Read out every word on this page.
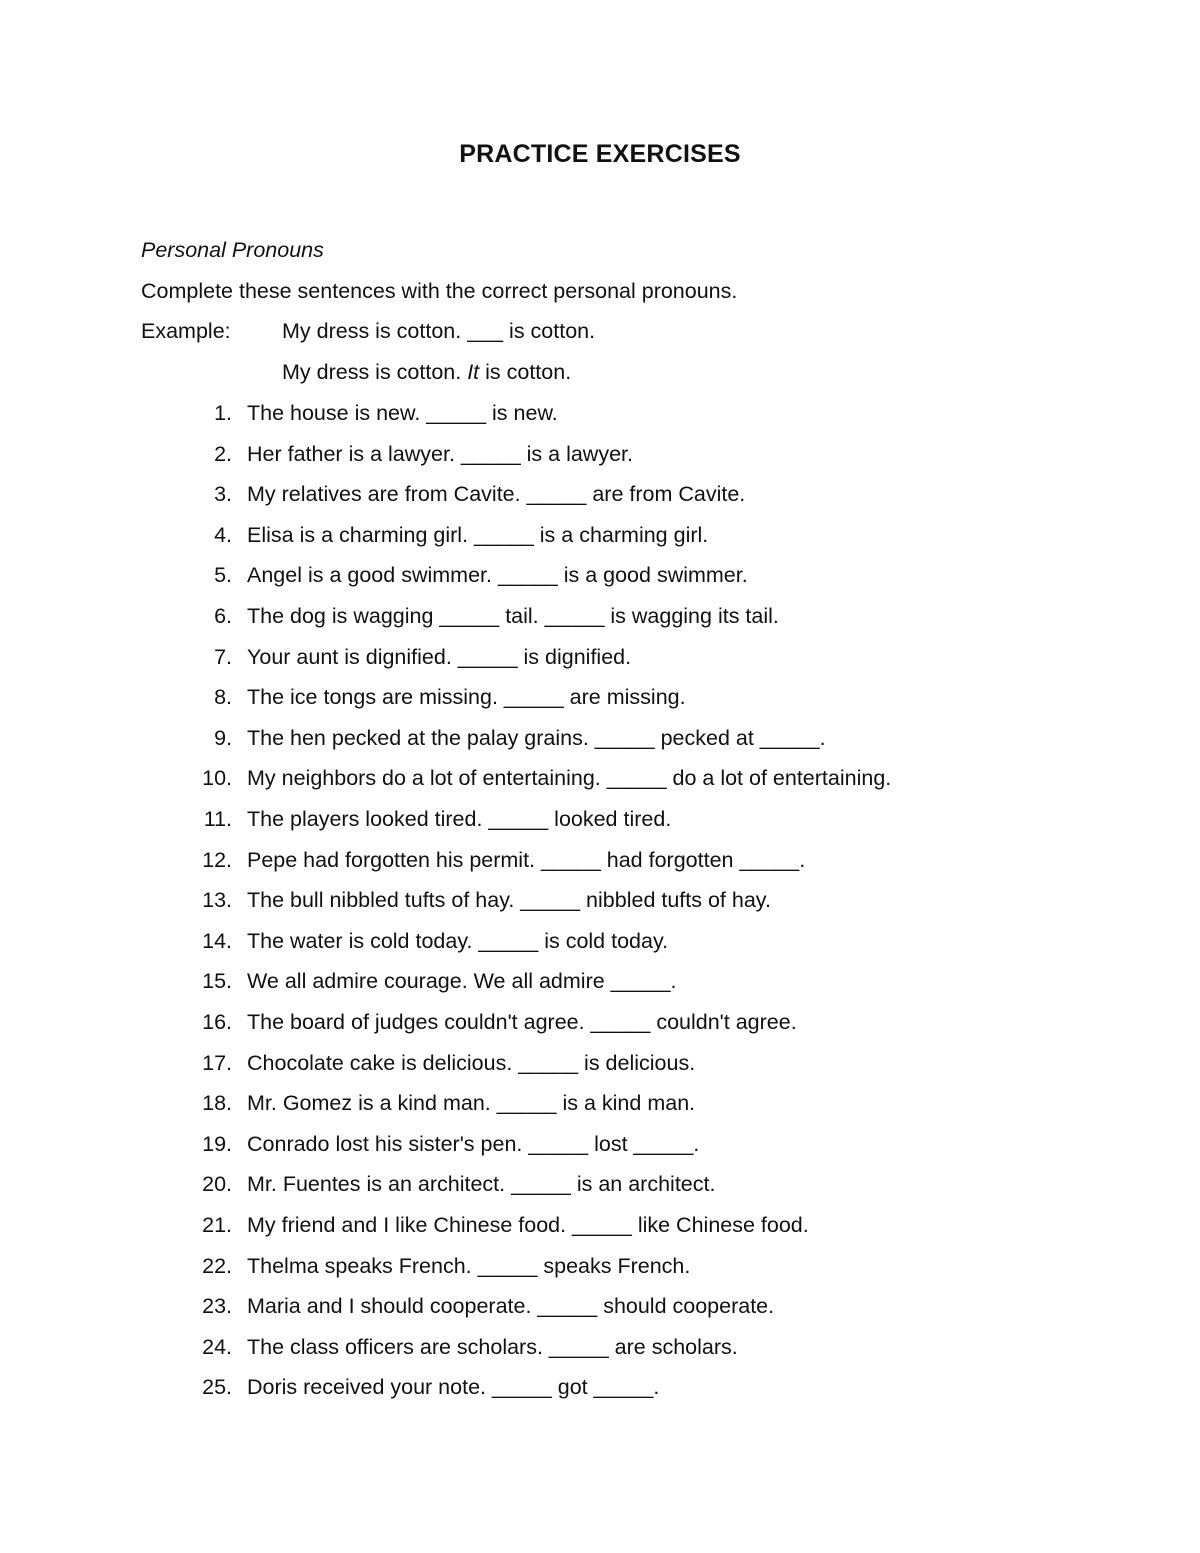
PRACTICE EXERCISES
Personal Pronouns
Complete these sentences with the correct personal pronouns.
Example: My dress is cotton. ___ is cotton.
My dress is cotton. It is cotton.
1. The house is new. _____ is new.
2. Her father is a lawyer. _____ is a lawyer.
3. My relatives are from Cavite. _____ are from Cavite.
4. Elisa is a charming girl. _____ is a charming girl.
5. Angel is a good swimmer. _____ is a good swimmer.
6. The dog is wagging _____ tail. _____ is wagging its tail.
7. Your aunt is dignified. _____ is dignified.
8. The ice tongs are missing. _____ are missing.
9. The hen pecked at the palay grains. _____ pecked at _____.
10. My neighbors do a lot of entertaining. _____ do a lot of entertaining.
11. The players looked tired. _____ looked tired.
12. Pepe had forgotten his permit. _____ had forgotten _____.
13. The bull nibbled tufts of hay. _____ nibbled tufts of hay.
14. The water is cold today. _____ is cold today.
15. We all admire courage. We all admire _____.
16. The board of judges couldn't agree. _____ couldn't agree.
17. Chocolate cake is delicious. _____ is delicious.
18. Mr. Gomez is a kind man. _____ is a kind man.
19. Conrado lost his sister's pen. _____ lost _____.
20. Mr. Fuentes is an architect. _____ is an architect.
21. My friend and I like Chinese food. _____ like Chinese food.
22. Thelma speaks French. _____ speaks French.
23. Maria and I should cooperate. _____ should cooperate.
24. The class officers are scholars. _____ are scholars.
25. Doris received your note. _____ got _____.
